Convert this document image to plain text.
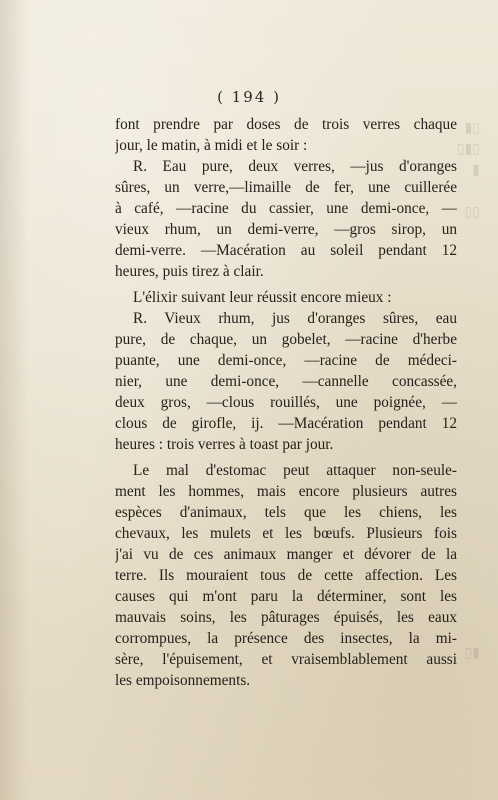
▮▯
▯▮▯
▮

▯▯

▯▮
( 194 )
font prendre par doses de trois verres chaque
jour, le matin, à midi et le soir :
R. Eau pure, deux verres, —jus d'oranges
sûres, un verre,—limaille de fer, une cuillerée
à café, —racine du cassier, une demi-once, —
vieux rhum, un demi-verre, —gros sirop, un
demi-verre. —Macération au soleil pendant 12
heures, puis tirez à clair.
L'élixir suivant leur réussit encore mieux :
R. Vieux rhum, jus d'oranges sûres, eau
pure, de chaque, un gobelet, —racine d'herbe
puante, une demi-once, —racine de médeci-
nier, une demi-once, —cannelle concassée,
deux gros, —clous rouillés, une poignée, —
clous de girofle, ij. —Macération pendant 12
heures : trois verres à toast par jour.
Le mal d'estomac peut attaquer non-seule-
ment les hommes, mais encore plusieurs autres
espèces d'animaux, tels que les chiens, les
chevaux, les mulets et les bœufs. Plusieurs fois
j'ai vu de ces animaux manger et dévorer de la
terre. Ils mouraient tous de cette affection. Les
causes qui m'ont paru la déterminer, sont les
mauvais soins, les pâturages épuisés, les eaux
corrompues, la présence des insectes, la mi-
sère, l'épuisement, et vraisemblablement aussi
les empoisonnements.
